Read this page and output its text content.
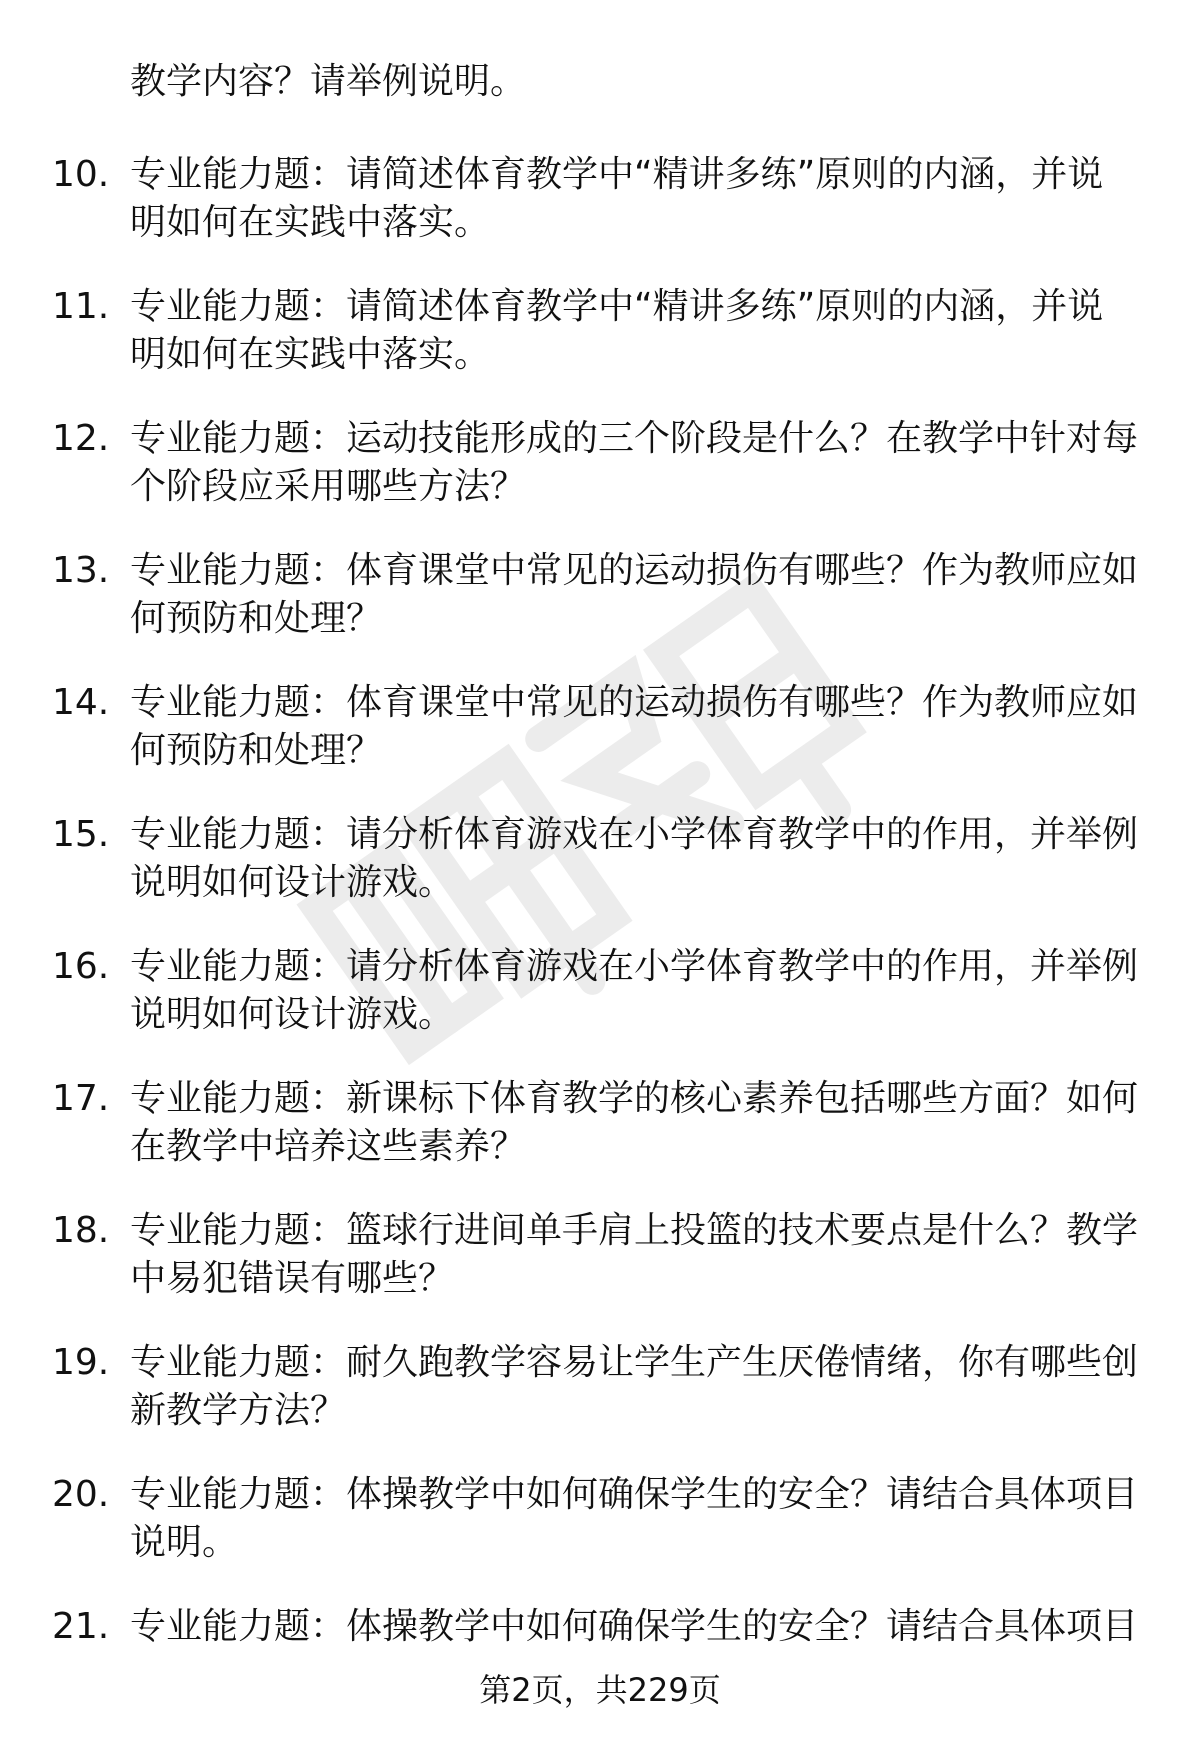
教学内容？请举例说明。
10. 专业能力题：请简述体育教学中“精讲多练”原则的内涵，并说
明如何在实践中落实。
11. 专业能力题：请简述体育教学中“精讲多练”原则的内涵，并说
明如何在实践中落实。
12. 专业能力题：运动技能形成的三个阶段是什么？在教学中针对每
个阶段应采用哪些方法？
13. 专业能力题：体育课堂中常见的运动损伤有哪些？作为教师应如
何预防和处理？
14. 专业能力题：体育课堂中常见的运动损伤有哪些？作为教师应如
何预防和处理？
15. 专业能力题：请分析体育游戏在小学体育教学中的作用，并举例
说明如何设计游戏。
16. 专业能力题：请分析体育游戏在小学体育教学中的作用，并举例
说明如何设计游戏。
17. 专业能力题：新课标下体育教学的核心素养包括哪些方面？如何
在教学中培养这些素养？
18. 专业能力题：篮球行进间单手肩上投篮的技术要点是什么？教学
中易犯错误有哪些？
19. 专业能力题：耐久跑教学容易让学生产生厌倦情绪，你有哪些创
新教学方法？
20. 专业能力题：体操教学中如何确保学生的安全？请结合具体项目
说明。
21. 专业能力题：体操教学中如何确保学生的安全？请结合具体项目
第2页，共229页
